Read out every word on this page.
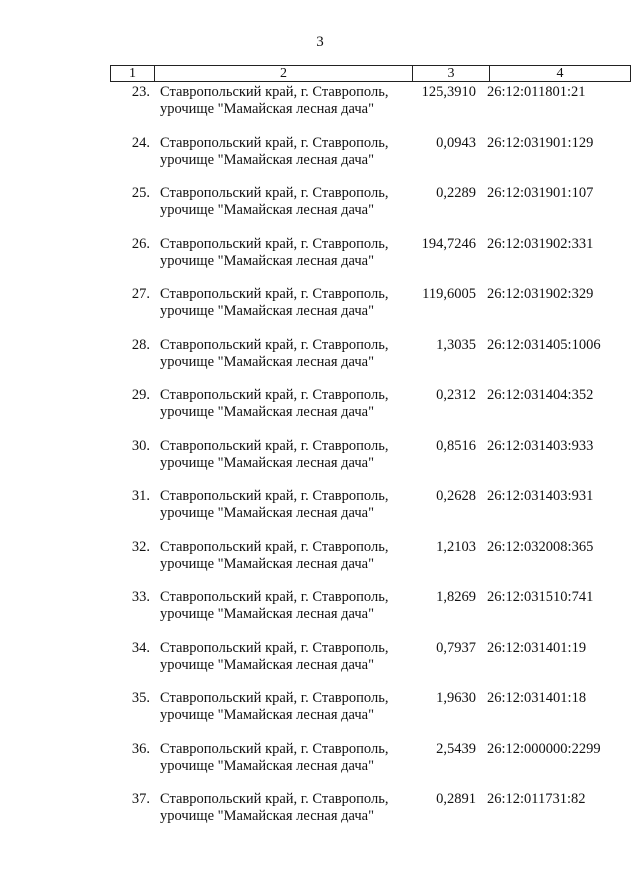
3
1	2	3	4
23. Ставропольский край, г. Ставрополь,
урочище "Мамайская лесная дача"
125,3910 26:12:011801:21
24. Ставропольский край, г. Ставрополь,
урочище "Мамайская лесная дача"
0,0943 26:12:031901:129
25. Ставропольский край, г. Ставрополь,
урочище "Мамайская лесная дача"
0,2289 26:12:031901:107
26. Ставропольский край, г. Ставрополь,
урочище "Мамайская лесная дача"
194,7246 26:12:031902:331
27. Ставропольский край, г. Ставрополь,
урочище "Мамайская лесная дача"
119,6005 26:12:031902:329
28. Ставропольский край, г. Ставрополь,
урочище "Мамайская лесная дача"
1,3035 26:12:031405:1006
29. Ставропольский край, г. Ставрополь,
урочище "Мамайская лесная дача"
0,2312 26:12:031404:352
30. Ставропольский край, г. Ставрополь,
урочище "Мамайская лесная дача"
0,8516 26:12:031403:933
31. Ставропольский край, г. Ставрополь,
урочище "Мамайская лесная дача"
0,2628 26:12:031403:931
32. Ставропольский край, г. Ставрополь,
урочище "Мамайская лесная дача"
1,2103 26:12:032008:365
33. Ставропольский край, г. Ставрополь,
урочище "Мамайская лесная дача"
1,8269 26:12:031510:741
34. Ставропольский край, г. Ставрополь,
урочище "Мамайская лесная дача"
0,7937 26:12:031401:19
35. Ставропольский край, г. Ставрополь,
урочище "Мамайская лесная дача"
1,9630 26:12:031401:18
36. Ставропольский край, г. Ставрополь,
урочище "Мамайская лесная дача"
2,5439 26:12:000000:2299
37. Ставропольский край, г. Ставрополь,
урочище "Мамайская лесная дача"
0,2891 26:12:011731:82
